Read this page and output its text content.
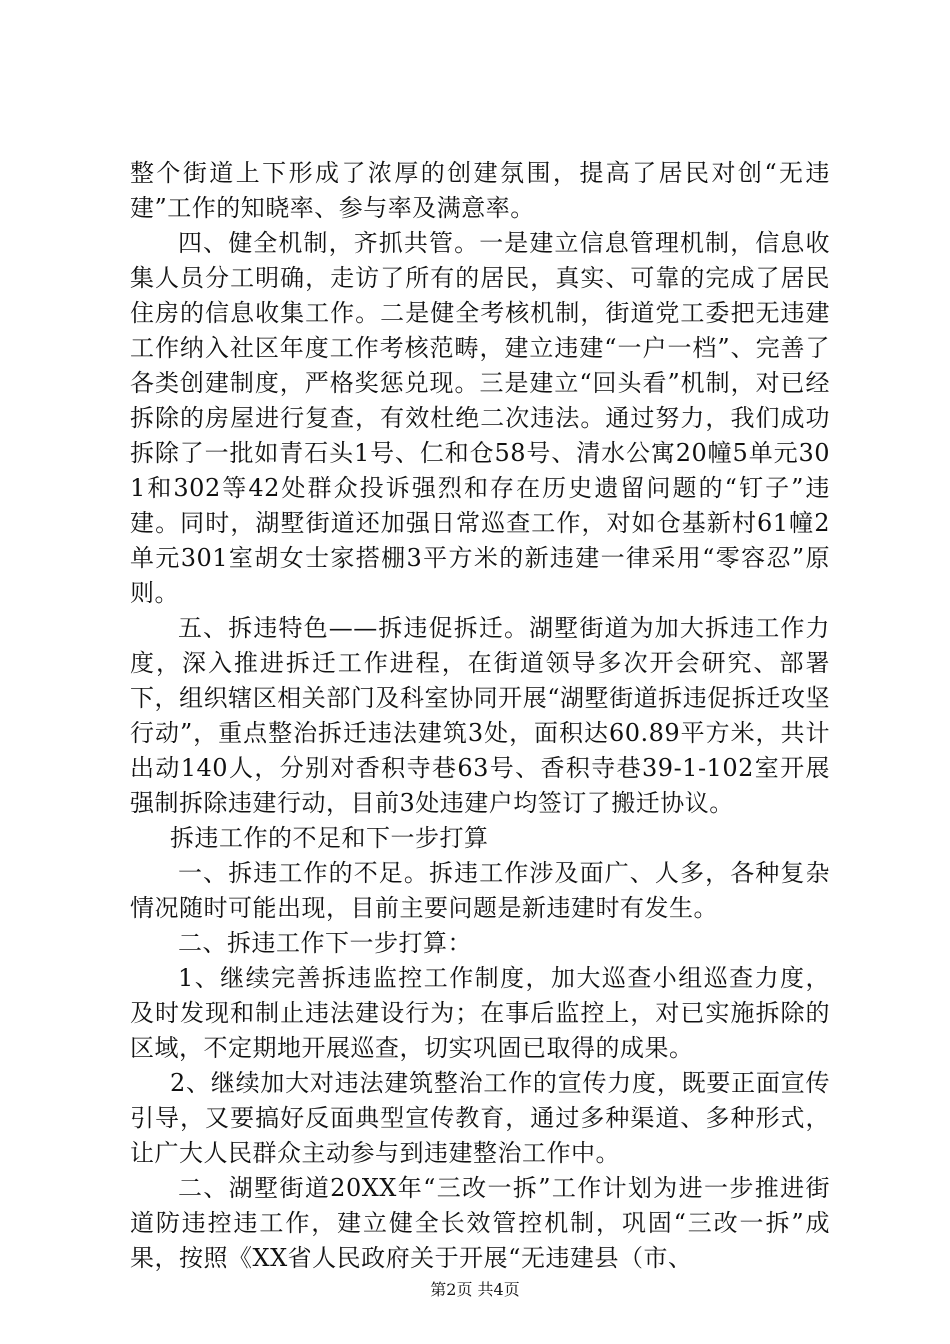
整个街道上下形成了浓厚的创建氛围，提高了居民对创“无违建”工作的知晓率、参与率及满意率。

四、健全机制，齐抓共管。一是建立信息管理机制，信息收集人员分工明确，走访了所有的居民，真实、可靠的完成了居民住房的信息收集工作。二是健全考核机制，街道党工委把无违建工作纳入社区年度工作考核范畴，建立违建“一户一档”、完善了各类创建制度，严格奖惩兑现。三是建立“回头看”机制，对已经拆除的房屋进行复查，有效杜绝二次违法。通过努力，我们成功拆除了一批如青石头1号、仁和仓58号、清水公寓20幢5单元301和302等42处群众投诉强烈和存在历史遗留问题的“钉子”违建。同时，湖墅街道还加强日常巡查工作，对如仓基新村61幢2单元301室胡女士家搭棚3平方米的新违建一律采用“零容忍”原则。

五、拆违特色——拆违促拆迁。湖墅街道为加大拆违工作力度，深入推进拆迁工作进程，在街道领导多次开会研究、部署下，组织辖区相关部门及科室协同开展“湖墅街道拆违促拆迁攻坚行动”，重点整治拆迁违法建筑3处，面积达60.89平方米，共计出动140人，分别对香积寺巷63号、香积寺巷39-1-102室开展强制拆除违建行动，目前3处违建户均签订了搬迁协议。

拆违工作的不足和下一步打算

一、拆违工作的不足。拆违工作涉及面广、人多，各种复杂情况随时可能出现，目前主要问题是新违建时有发生。

二、拆违工作下一步打算：

1、继续完善拆违监控工作制度，加大巡查小组巡查力度，及时发现和制止违法建设行为；在事后监控上，对已实施拆除的区域，不定期地开展巡查，切实巩固已取得的成果。

2、继续加大对违法建筑整治工作的宣传力度，既要正面宣传引导，又要搞好反面典型宣传教育，通过多种渠道、多种形式，让广大人民群众主动参与到违建整治工作中。

二、湖墅街道20XX年“三改一拆”工作计划为进一步推进街道防违控违工作，建立健全长效管控机制，巩固“三改一拆”成果，按照《XX省人民政府关于开展“无违建县（市、

第2页 共4页
